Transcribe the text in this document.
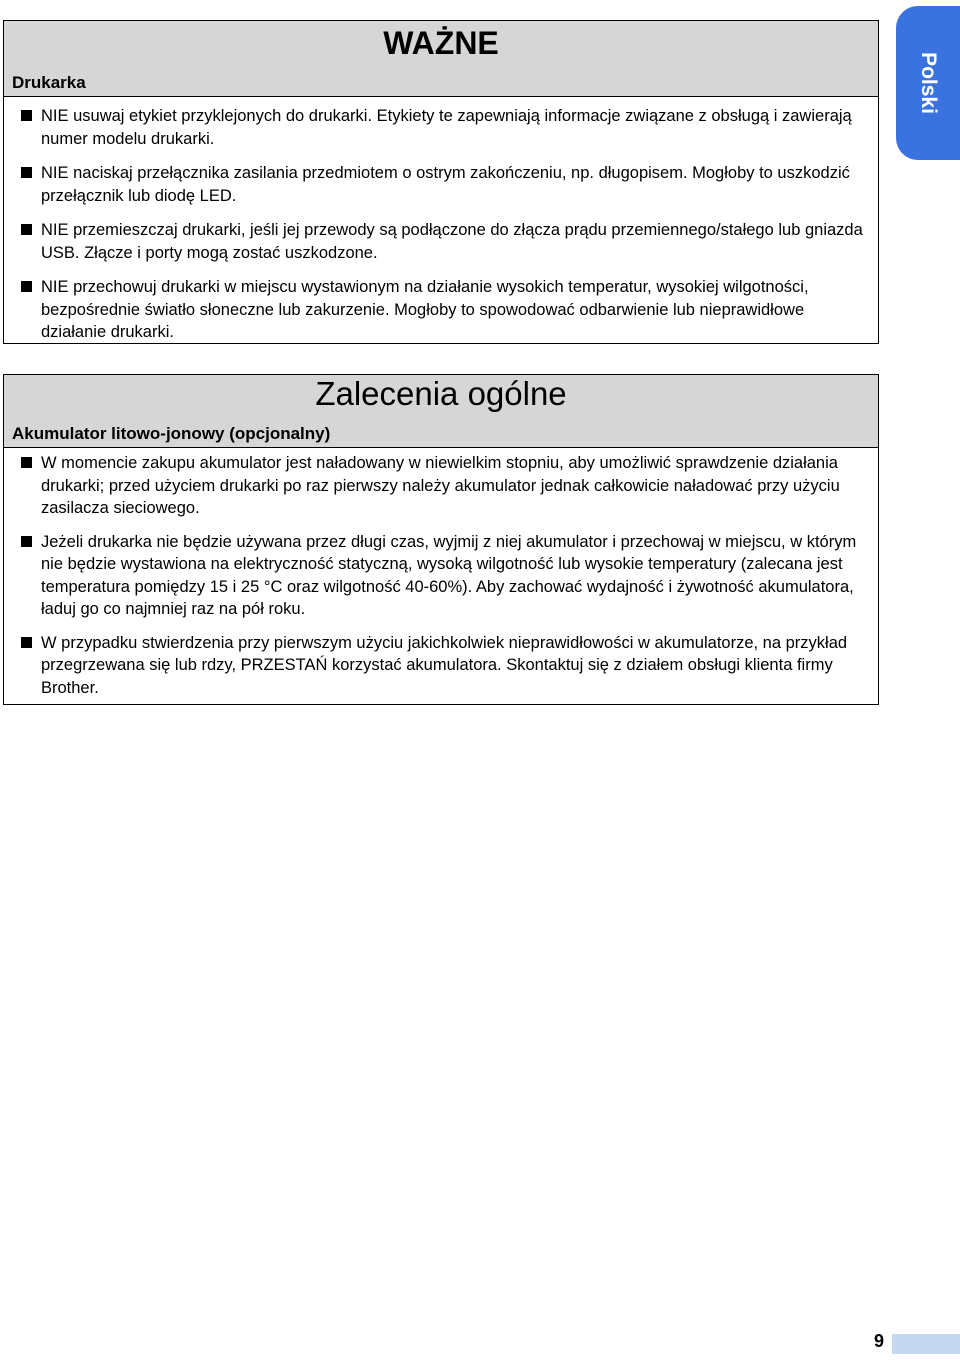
Polski
WAŻNE
Drukarka
NIE usuwaj etykiet przyklejonych do drukarki. Etykiety te zapewniają informacje związane z obsługą i zawierają numer modelu drukarki.
NIE naciskaj przełącznika zasilania przedmiotem o ostrym zakończeniu, np. długopisem. Mogłoby to uszkodzić przełącznik lub diodę LED.
NIE przemieszczaj drukarki, jeśli jej przewody są podłączone do złącza prądu przemiennego/stałego lub gniazda USB. Złącze i porty mogą zostać uszkodzone.
NIE przechowuj drukarki w miejscu wystawionym na działanie wysokich temperatur, wysokiej wilgotności, bezpośrednie światło słoneczne lub zakurzenie. Mogłoby to spowodować odbarwienie lub nieprawidłowe działanie drukarki.
Zalecenia ogólne
Akumulator litowo-jonowy (opcjonalny)
W momencie zakupu akumulator jest naładowany w niewielkim stopniu, aby umożliwić sprawdzenie działania drukarki; przed użyciem drukarki po raz pierwszy należy akumulator jednak całkowicie naładować przy użyciu zasilacza sieciowego.
Jeżeli drukarka nie będzie używana przez długi czas, wyjmij z niej akumulator i przechowaj w miejscu, w którym nie będzie wystawiona na elektryczność statyczną, wysoką wilgotność lub wysokie temperatury (zalecana jest temperatura pomiędzy 15 i 25 °C oraz wilgotność 40-60%). Aby zachować wydajność i żywotność akumulatora, ładuj go co najmniej raz na pół roku.
W przypadku stwierdzenia przy pierwszym użyciu jakichkolwiek nieprawidłowości w akumulatorze, na przykład przegrzewana się lub rdzy, PRZESTAŃ korzystać akumulatora. Skontaktuj się z działem obsługi klienta firmy Brother.
9
